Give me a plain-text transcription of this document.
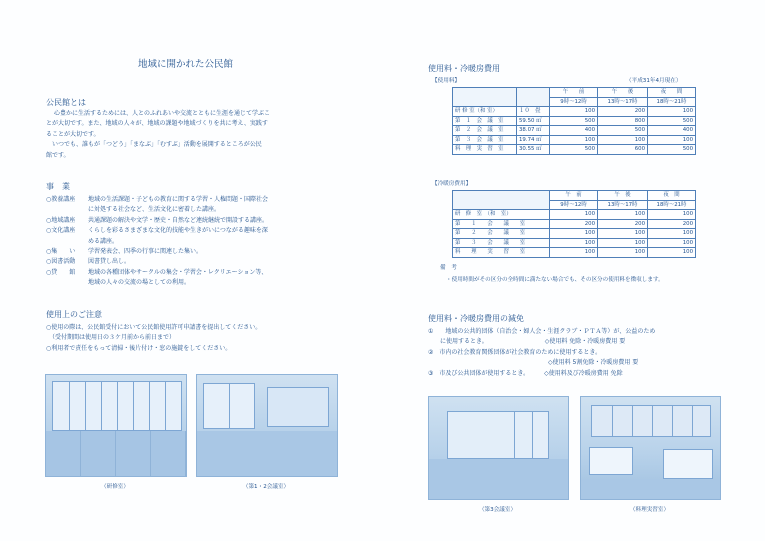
地域に開かれた公民館
公民館とは
心豊かに生活するためには、人とのふれあいや交流とともに生涯を通じて学ぶこ
とが大切です。また、地域の人々が、地域の課題や地域づくりを共に考え、実践す
ることが大切です。
　いつでも、誰もが「つどう」「まなぶ」「むすぶ」活動を展開するところが公民
館です。
事　業
○教養講座	地域の生活課題・子どもの教育に関する学習・人権問題・国際社会
に対処する社会など、生活文化に密着した講座。
○地域講座	共通課題の解決や文学・歴史・自然など連続継続で開設する講座。
○文化講座	くらしを彩るさまざまな文化的技能や生きがいにつながる趣味を深
める講座。
○集　　い	学習発表会、四季の行事に関連した集い。
○図書活動	図書貸し出し。
○貸　　館	地域の各種団体やサークルの集会・学習会・レクリエーション等、
地域の人々の交流の場としての利用。
使用上のご注意
○使用の際は、公民館受付において公民館使用許可申請書を提出してください。
　（受付期間は使用日の３ケ月前から前日まで）
○利用者で責任をもって清掃・後片付け・窓の施錠をしてください。
（研修室）	（第1・2会議室）
使用料・冷暖房費用
【使用料】	（平成31年4月現在）
		午　　前	午　　後	夜　　間
		9時～12時	13時～17時	18時～21時
研 修 室（和 室）	１０　畳	100	200	100
第　１　会　議　室	59.50 ㎡	500	800	500
第　２　会　議　室	38.07 ㎡	400	500	400
第　３　会　議　室	19.74 ㎡	100	100	100
料　理　実　習　室	30.55 ㎡	500	600	500
【冷暖房費用】
	午　前	午　後	夜　間
	9時～12時	13時～17時	18時～21時
研　修　室　（和　室）	100	100	100
第　　１　　会　　議　　室	200	200	200
第　　２　　会　　議　　室	100	100	100
第　　３　　会　　議　　室	100	100	100
料　　理　　実　　習　　室	100	100	100
備　考
・使用時間がその区分の全時間に満たない場合でも、その区分の使用料を徴収します。
使用料・冷暖房費用の減免
①　　地域の公共的団体（自治会・婦人会・生涯クラブ・ＰＴＡ等）が、公益のため
　　に使用するとき。　　　　　　　　　　◇使用料 免除・冷暖房費用 要
②　市内の社会教育関係団体が社会教育のために使用するとき。
　　　　　　　　　　　　　　　　　　　　◇使用料 5割免除・冷暖房費用 要
③　市及び公共団体が使用するとき。　　　◇使用料及び冷暖房費用 免除
（第3会議室）	（料理実習室）
